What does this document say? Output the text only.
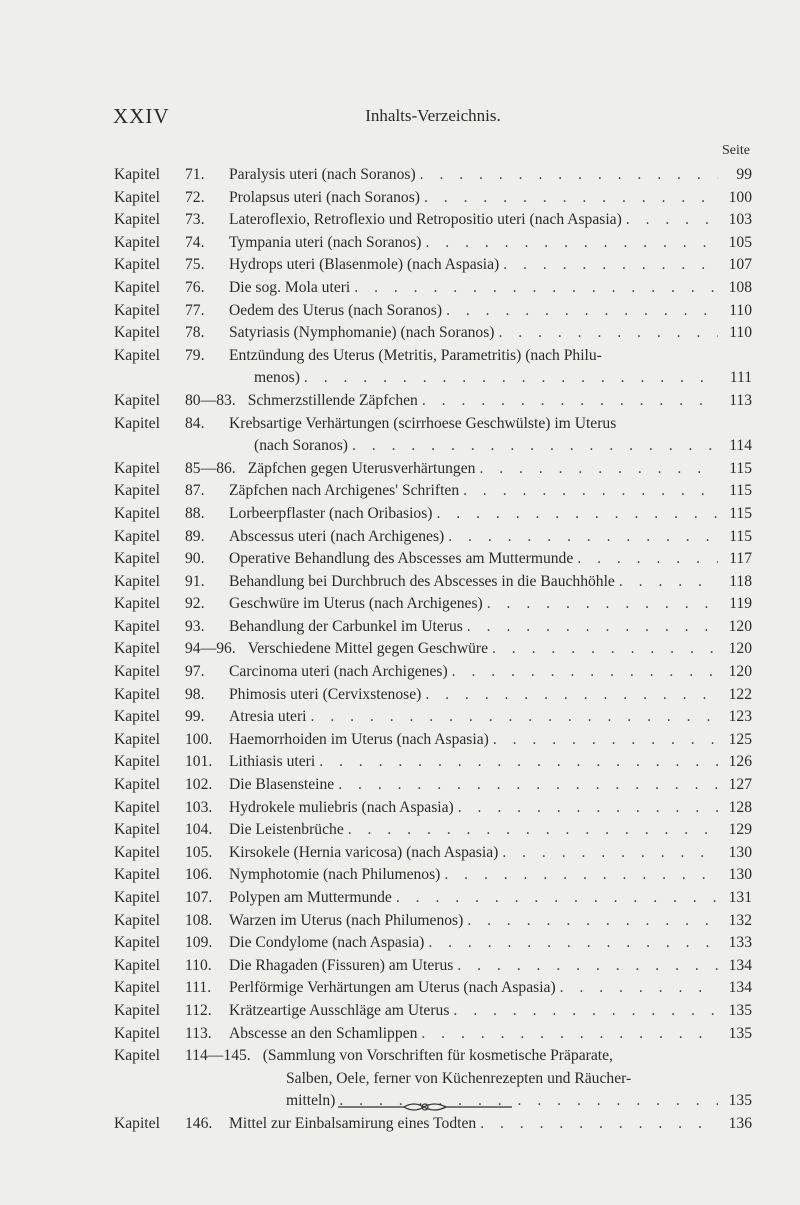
XXIV	Inhalts-Verzeichnis.
Seite
Kapitel	71.	Paralysis uteri (nach Soranos) . . .	99
Kapitel	72.	Prolapsus uteri (nach Soranos) . . .	100
Kapitel	73.	Lateroflexio, Retroflexio und Retropositio uteri (nach Aspasia) . . .	103
Kapitel	74.	Tympania uteri (nach Soranos) . . .	105
Kapitel	75.	Hydrops uteri (Blasenmole) (nach Aspasia) . . .	107
Kapitel	76.	Die sog. Mola uteri . . .	108
Kapitel	77.	Oedem des Uterus (nach Soranos) . . .	110
Kapitel	78.	Satyriasis (Nymphomanie) (nach Soranos) . . .	110
Kapitel	79.	Entzündung des Uterus (Metritis, Parametritis) (nach Philu-
menos) . . .	111
Kapitel	80—83. Schmerzstillende Zäpfchen . . .	113
Kapitel	84.	Krebsartige Verhärtungen (scirrhoese Geschwülste) im Uterus
(nach Soranos) . . .	114
Kapitel	85—86. Zäpfchen gegen Uterusverhärtungen . . .	115
Kapitel	87.	Zäpfchen nach Archigenes' Schriften . . .	115
Kapitel	88.	Lorbeerpflaster (nach Oribasios) . . .	115
Kapitel	89.	Abscessus uteri (nach Archigenes) . . .	115
Kapitel	90.	Operative Behandlung des Abscesses am Muttermunde . . .	117
Kapitel	91.	Behandlung bei Durchbruch des Abscesses in die Bauchhöhle . . .	118
Kapitel	92.	Geschwüre im Uterus (nach Archigenes) . . .	119
Kapitel	93.	Behandlung der Carbunkel im Uterus . . .	120
Kapitel	94—96. Verschiedene Mittel gegen Geschwüre . . .	120
Kapitel	97.	Carcinoma uteri (nach Archigenes) . . .	120
Kapitel	98.	Phimosis uteri (Cervixstenose) . . .	122
Kapitel	99.	Atresia uteri . . .	123
Kapitel	100.	Haemorrhoiden im Uterus (nach Aspasia) . . .	125
Kapitel	101.	Lithiasis uteri . . .	126
Kapitel	102.	Die Blasensteine . . .	127
Kapitel	103.	Hydrokele muliebris (nach Aspasia) . . .	128
Kapitel	104.	Die Leistenbrüche . . .	129
Kapitel	105.	Kirsokele (Hernia varicosa) (nach Aspasia) . . .	130
Kapitel	106.	Nymphotomie (nach Philumenos) . . .	130
Kapitel	107.	Polypen am Muttermunde . . .	131
Kapitel	108.	Warzen im Uterus (nach Philumenos) . . .	132
Kapitel	109.	Die Condylome (nach Aspasia) . . .	133
Kapitel	110.	Die Rhagaden (Fissuren) am Uterus . . .	134
Kapitel	111.	Perlförmige Verhärtungen am Uterus (nach Aspasia) . . .	134
Kapitel	112.	Krätzeartige Ausschläge am Uterus . . .	135
Kapitel	113.	Abscesse an den Schamlippen . . .	135
Kapitel	114—145. (Sammlung von Vorschriften für kosmetische Präparate,
Salben, Oele, ferner von Küchenrezepten und Räucher-
mitteln) . . .	135
Kapitel	146.	Mittel zur Einbalsamirung eines Todten . . .	136
